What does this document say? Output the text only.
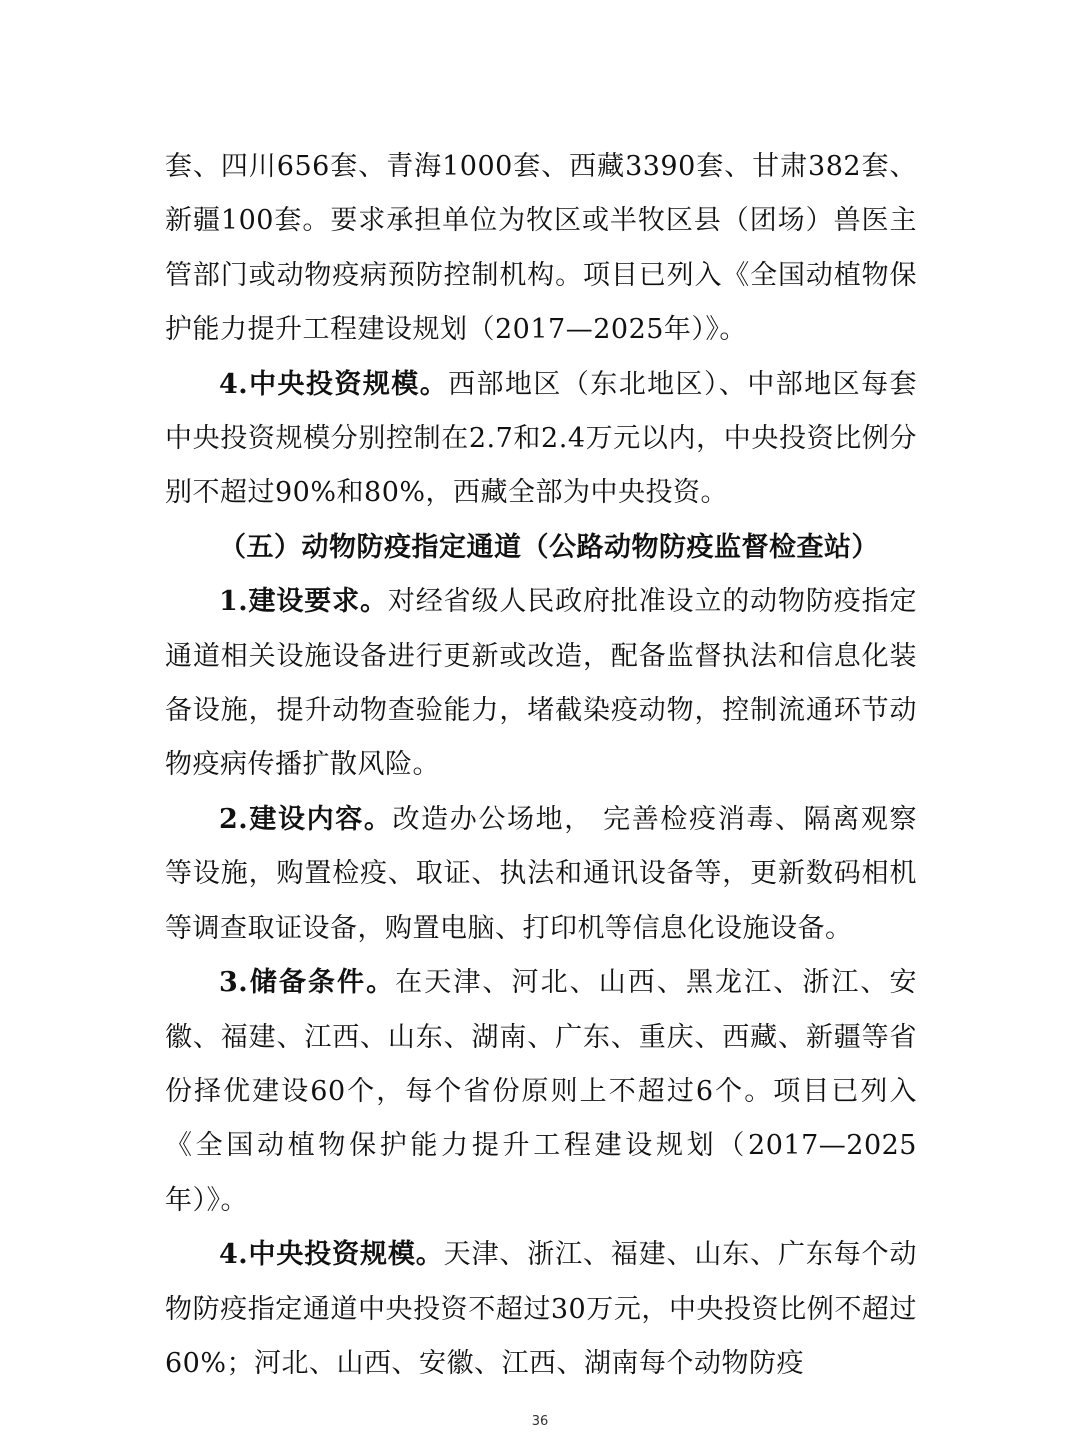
套、四川656套、青海1000套、西藏3390套、甘肃382套、新疆100套。要求承担单位为牧区或半牧区县（团场）兽医主管部门或动物疫病预防控制机构。项目已列入《全国动植物保护能力提升工程建设规划（2017—2025年）》。

4.中央投资规模。西部地区（东北地区）、中部地区每套中央投资规模分别控制在2.7和2.4万元以内，中央投资比例分别不超过90%和80%，西藏全部为中央投资。

（五）动物防疫指定通道（公路动物防疫监督检查站）

1.建设要求。对经省级人民政府批准设立的动物防疫指定通道相关设施设备进行更新或改造，配备监督执法和信息化装备设施，提升动物查验能力，堵截染疫动物，控制流通环节动物疫病传播扩散风险。

2.建设内容。改造办公场地， 完善检疫消毒、隔离观察等设施，购置检疫、取证、执法和通讯设备等，更新数码相机等调查取证设备，购置电脑、打印机等信息化设施设备。

3.储备条件。在天津、河北、山西、黑龙江、浙江、安徽、福建、江西、山东、湖南、广东、重庆、西藏、新疆等省份择优建设60个，每个省份原则上不超过6个。项目已列入《全国动植物保护能力提升工程建设规划（2017—2025年）》。

4.中央投资规模。天津、浙江、福建、山东、广东每个动物防疫指定通道中央投资不超过30万元，中央投资比例不超过60%；河北、山西、安徽、江西、湖南每个动物防疫

36
